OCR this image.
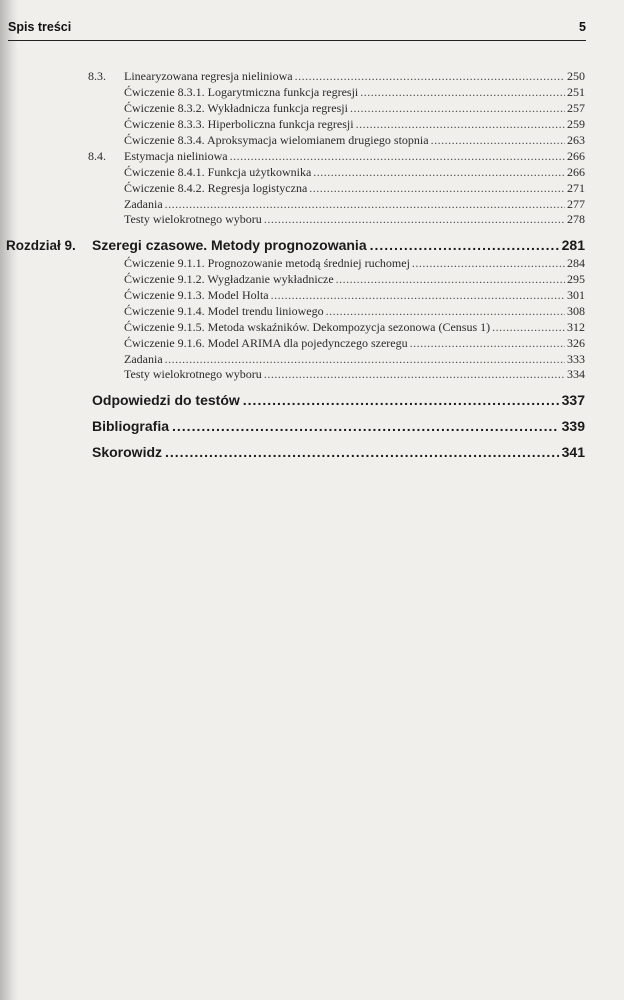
Spis treści	5
8.3. Linearyzowana regresja nieliniowa .....	250
Ćwiczenie 8.3.1. Logarytmiczna funkcja regresji .....	251
Ćwiczenie 8.3.2. Wykładnicza funkcja regresji .....	257
Ćwiczenie 8.3.3. Hiperboliczna funkcja regresji .....	259
Ćwiczenie 8.3.4. Aproksymacja wielomianem drugiego stopnia .....	263
8.4. Estymacja nieliniowa .....	266
Ćwiczenie 8.4.1. Funkcja użytkownika .....	266
Ćwiczenie 8.4.2. Regresja logistyczna .....	271
Zadania .....	277
Testy wielokrotnego wyboru .....	278
Rozdział 9. Szeregi czasowe. Metody prognozowania .....	281
Ćwiczenie 9.1.1. Prognozowanie metodą średniej ruchomej .....	284
Ćwiczenie 9.1.2. Wygładzanie wykładnicze .....	295
Ćwiczenie 9.1.3. Model Holta .....	301
Ćwiczenie 9.1.4. Model trendu liniowego .....	308
Ćwiczenie 9.1.5. Metoda wskaźników. Dekompozycja sezonowa (Census 1) .....	312
Ćwiczenie 9.1.6. Model ARIMA dla pojedynczego szeregu .....	326
Zadania .....	333
Testy wielokrotnego wyboru .....	334
Odpowiedzi do testów .....	337
Bibliografia .....	339
Skorowidz .....	341
